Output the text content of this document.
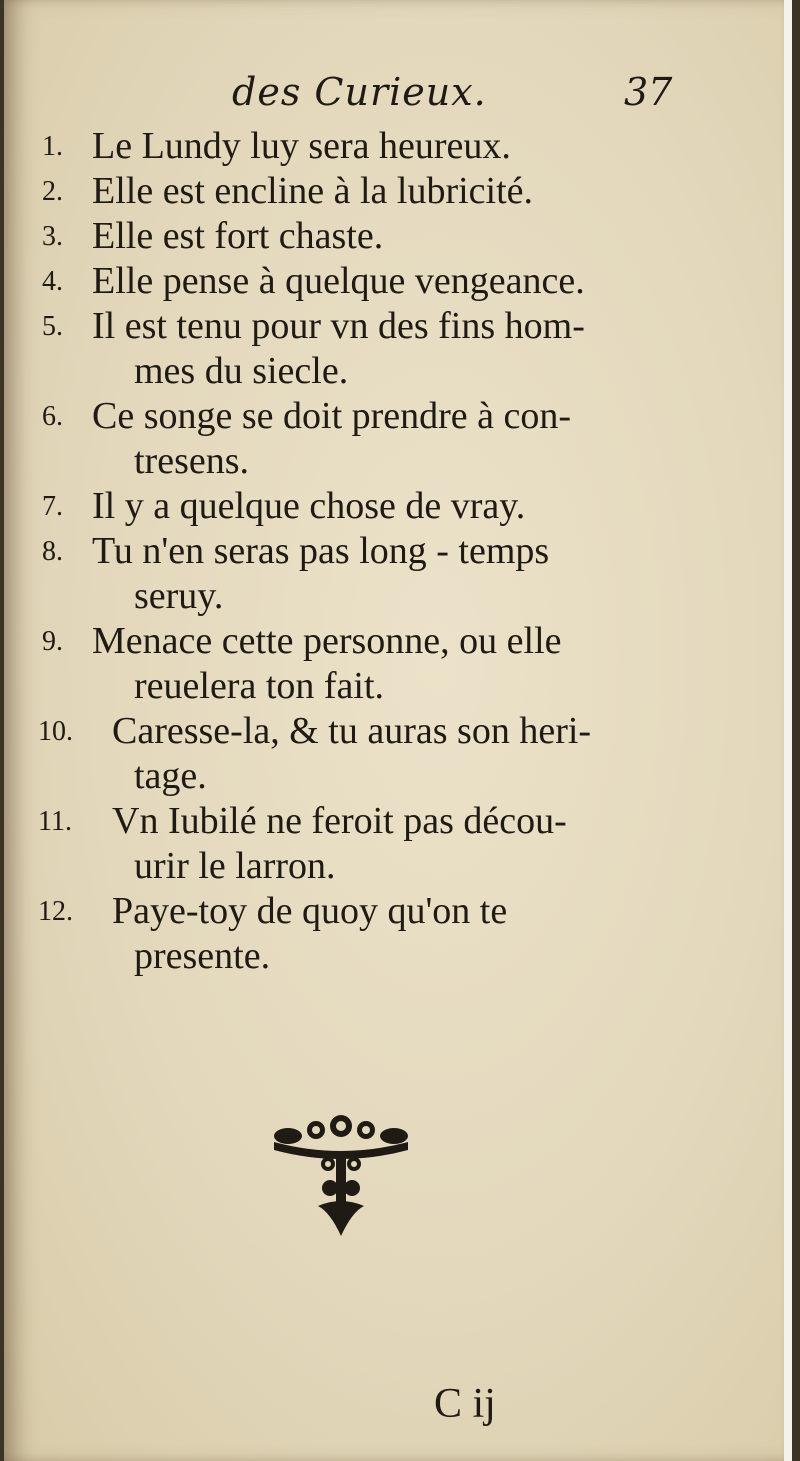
des Curieux.	37
1. Le Lundy luy sera heureux.
2. Elle est encline à la lubricité.
3. Elle est fort chaste.
4. Elle pense à quelque vengeance.
5. Il est tenu pour vn des fins hom-
mes du siecle.
6. Ce songe se doit prendre à con-
tresens.
7. Il y a quelque chose de vray.
8. Tu n'en seras pas long - temps
seruy.
9. Menace cette personne, ou elle
reuelera ton fait.
10. Caresse-la, & tu auras son heri-
tage.
11. Vn Iubilé ne feroit pas décou-
urir le larron.
12. Paye-toy de quoy qu'on te
presente.
C ij
